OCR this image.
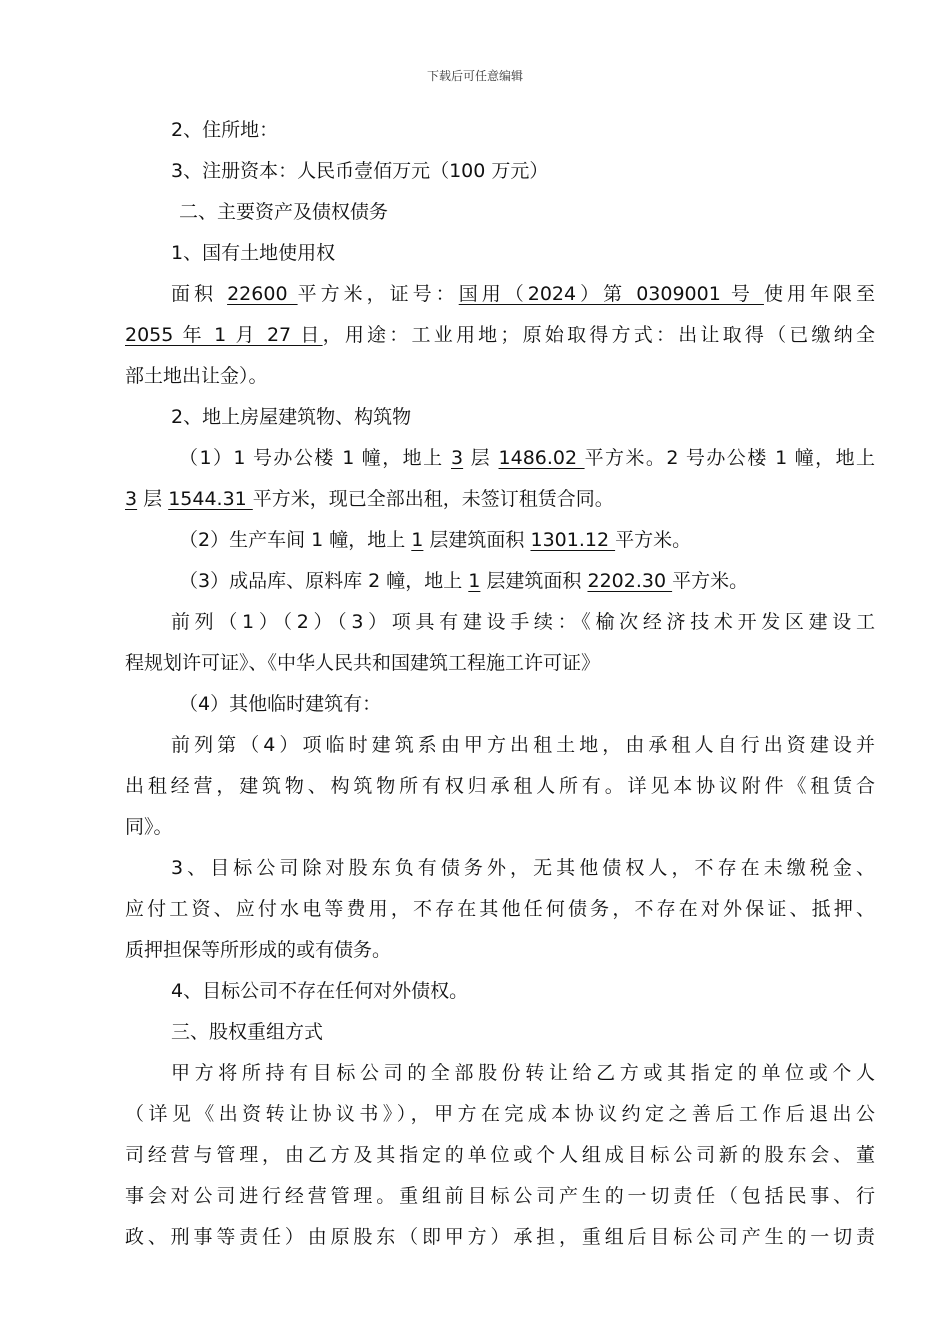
下载后可任意编辑
2、住所地：
3、注册资本：人民币壹佰万元（100 万元）
二、主要资产及债权债务
1、国有土地使用权
面积 22600 平方米，证号：国用（2024）第 0309001 号 使用年限至
2055 年 1 月 27 日，用途：工业用地；原始取得方式：出让取得（已缴纳全
部土地出让金）。
2、地上房屋建筑物、构筑物
（1）1 号办公楼 1 幢，地上 3 层 1486.02 平方米。2 号办公楼 1 幢，地上
3 层 1544.31 平方米，现已全部出租，未签订租赁合同。
（2）生产车间 1 幢，地上 1 层建筑面积 1301.12 平方米。
（3）成品库、原料库 2 幢，地上 1 层建筑面积 2202.30 平方米。
前列（1）（2）（3）项具有建设手续：《榆次经济技术开发区建设工
程规划许可证》、《中华人民共和国建筑工程施工许可证》
（4）其他临时建筑有：
前列第（4）项临时建筑系由甲方出租土地，由承租人自行出资建设并
出租经营，建筑物、构筑物所有权归承租人所有。详见本协议附件《租赁合
同》。
3、目标公司除对股东负有债务外，无其他债权人，不存在未缴税金、
应付工资、应付水电等费用，不存在其他任何债务，不存在对外保证、抵押、
质押担保等所形成的或有债务。
4、目标公司不存在任何对外债权。
三、股权重组方式
甲方将所持有目标公司的全部股份转让给乙方或其指定的单位或个人
（详见《出资转让协议书》），甲方在完成本协议约定之善后工作后退出公
司经营与管理，由乙方及其指定的单位或个人组成目标公司新的股东会、董
事会对公司进行经营管理。重组前目标公司产生的一切责任（包括民事、行
政、刑事等责任）由原股东（即甲方）承担，重组后目标公司产生的一切责
